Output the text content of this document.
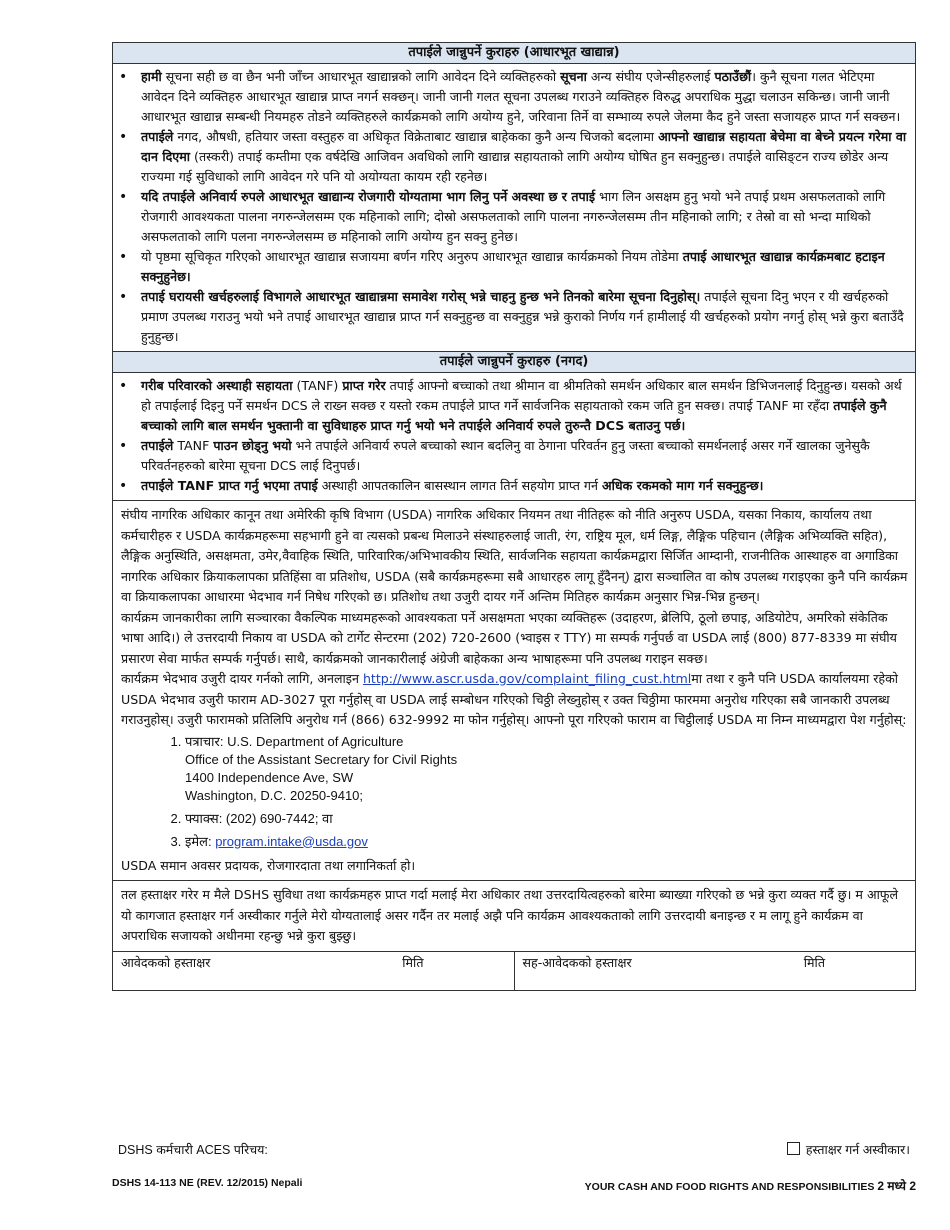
तपाईले जान्नुपर्ने कुराहरु (आधारभूत खाद्यान्न)
• हामी सूचना सही छ वा छैन भनी जाँच्न आधारभूत खाद्यान्नको लागि आवेदन दिने व्यक्तिहरुको सूचना अन्य संघीय एजेन्सीहरुलाई पठाउँछौं। कुनै सूचना गलत भेटिएमा आवेदन दिने व्यक्तिहरु आधारभूत खाद्यान्न प्राप्त नगर्न सक्छन्। जानी जानी गलत सूचना उपलब्ध गराउने व्यक्तिहरु विरुद्ध अपराधिक मुद्धा चलाउन सकिन्छ। जानी जानी आधारभूत खाद्यान्न सम्बन्धी नियमहरु तोडने व्यक्तिहरुले कार्यक्रमको लागि अयोग्य हुने, जरिवाना तिर्ने वा सम्भाव्य रुपले जेलमा कैद हुने जस्ता सजायहरु प्राप्त गर्न सक्छन।
• तपाईले नगद, औषधी, हतियार जस्ता वस्तुहरु वा अधिकृत विक्रेताबाट खाद्यान्न बाहेकका कुनै अन्य चिजको बदलामा आफ्नो खाद्यान्न सहायता बेचेमा वा बेच्ने प्रयत्न गरेमा वा दान दिएमा (तस्करी) तपाई कम्तीमा एक वर्षदेखि आजिवन अवधिको लागि खाद्यान्न सहायताको लागि अयोग्य घोषित हुन सक्नुहुन्छ। तपाईले वासिङ्टन राज्य छोडेर अन्य राज्यमा गई सुविधाको लागि आवेदन गरे पनि यो अयोग्यता कायम रही रहनेछ।
• यदि तपाईले अनिवार्य रुपले आधारभूत खाद्यान्य रोजगारी योग्यतामा भाग लिनु पर्ने अवस्था छ र तपाई भाग लिन असक्षम हुनु भयो भने तपाई प्रथम असफलताको लागि रोजगारी आवश्यकता पालना नगरुन्जेलसम्म एक महिनाको लागि; दोस्रो असफलताको लागि पालना नगरुन्जेलसम्म तीन महिनाको लागि; र तेस्रो वा सो भन्दा माथिको असफलताको लागि पलना नगरुन्जेलसम्म छ महिनाको लागि अयोग्य हुन सक्नु हुनेछ।
• यो पृष्ठमा सूचिकृत गरिएको आधारभूत खाद्यान्न सजायमा बर्णन गरिए अनुरुप आधारभूत खाद्यान्न कार्यक्रमको नियम तोडेमा तपाई आधारभूत खाद्यान्न कार्यक्रमबाट हटाइन सक्नुहुनेछ।
• तपाई घरायसी खर्चहरुलाई विभागले आधारभूत खाद्यान्नमा समावेश गरोस् भन्ने चाहनु हुन्छ भने तिनको बारेमा सूचना दिनुहोस्। तपाईले सूचना दिनु भएन र यी खर्चहरुको प्रमाण उपलब्ध गराउनु भयो भने तपाई आधारभूत खाद्यान्न प्राप्त गर्न सक्नुहुन्छ वा सक्नुहुन्न भन्ने कुराको निर्णय गर्न हामीलाई यी खर्चहरुको प्रयोग नगर्नु होस् भन्ने कुरा बताउँदै हुनुहुन्छ।
तपाईले जान्नुपर्ने कुराहरु (नगद)
• गरीब परिवारको अस्थाही सहायता (TANF) प्राप्त गरेर तपाई आफ्नो बच्चाको तथा श्रीमान वा श्रीमतिको समर्थन अधिकार बाल समर्थन डिभिजनलाई दिनुहुन्छ। यसको अर्थ हो तपाईलाई दिइनु पर्ने समर्थन DCS ले राख्न सक्छ र यस्तो रकम तपाईले प्राप्त गर्ने सार्वजनिक सहायताको रकम जति हुन सक्छ। तपाई TANF मा रहँदा तपाईले कुनै बच्चाको लागि बाल समर्थन भुक्तानी वा सुविधाहरु प्राप्त गर्नु भयो भने तपाईले अनिवार्य रुपले तुरुन्तै DCS बताउनु पर्छ।
• तपाईले TANF पाउन छोड्नु भयो भने तपाईले अनिवार्य रुपले बच्चाको स्थान बदलिनु वा ठेगाना परिवर्तन हुनु जस्ता बच्चाको समर्थनलाई असर गर्ने खालका जुनेसुकै परिवर्तनहरुको बारेमा सूचना DCS लाई दिनुपर्छ।
• तपाईले TANF प्राप्त गर्नु भएमा तपाई अस्थाही आपतकालिन बासस्थान लागत तिर्न सहयोग प्राप्त गर्न अधिक रकमको माग गर्न सक्नुहुन्छ।

संघीय नागरिक अधिकार कानून तथा अमेरिकी कृषि विभाग (USDA) नागरिक अधिकार नियमन तथा नीतिहरू को नीति अनुरुप USDA, यसका निकाय, कार्यालय तथा कर्मचारीहरु र USDA कार्यक्रमहरूमा सहभागी हुने वा त्यसको प्रबन्ध मिलाउने संस्थाहरुलाई जाती, रंग, राष्ट्रिय मूल, धर्म लिङ्ग, लैङ्गिक पहिचान (लैङ्गिक अभिव्यक्ति सहित), लैङ्गिक अनुस्थिति, असक्षमता, उमेर,वैवाहिक स्थिति, पारिवारिक/अभिभावकीय स्थिति, सार्वजनिक सहायता कार्यक्रमद्वारा सिर्जित आम्दानी, राजनीतिक आस्थाहरु वा अगाडिका नागरिक अधिकार क्रियाकलापका प्रतिहिंसा वा प्रतिशोध, USDA (सबै कार्यक्रमहरूमा सबै आधारहरु लागू हुँदैनन्) द्वारा सञ्चालित वा कोष उपलब्ध गराइएका कुनै पनि कार्यक्रम वा क्रियाकलापका आधारमा भेदभाव गर्न निषेध गरिएको छ। प्रतिशोध तथा उजुरी दायर गर्ने अन्तिम मितिहरु कार्यक्रम अनुसार भिन्न-भिन्न हुन्छन्।

कार्यक्रम जानकारीका लागि सञ्चारका वैकल्पिक माध्यमहरूको आवश्यकता पर्ने असक्षमता भएका व्यक्तिहरू (उदाहरण, ब्रेलिपि, ठूलो छपाइ, अडियोटेप, अमरिको संकेतिक भाषा आदि।) ले उत्तरदायी निकाय वा USDA को टार्गेट सेन्टरमा (202) 720-2600 (भ्वाइस र TTY) मा सम्पर्क गर्नुपर्छ वा USDA लाई (800) 877-8339 मा संघीय प्रसारण सेवा मार्फत सम्पर्क गर्नुपर्छ। साथै, कार्यक्रमको जानकारीलाई अंग्रेजी बाहेकका अन्य भाषाहरूमा पनि उपलब्ध गराइन सक्छ।

कार्यक्रम भेदभाव उजुरी दायर गर्नको लागि, अनलाइन http://www.ascr.usda.gov/complaint_filing_cust.htmlमा तथा र कुनै पनि USDA कार्यालयमा रहेको USDA भेदभाव उजुरी फाराम AD-3027 पूरा गर्नुहोस् वा USDA लाई सम्बोधन गरिएको चिठ्ठी लेख्नुहोस् र उक्त चिठ्ठीमा फारममा अनुरोध गरिएका सबै जानकारी उपलब्ध गराउनुहोस्। उजुरी फारामको प्रतिलिपि अनुरोध गर्न (866) 632-9992 मा फोन गर्नुहोस्। आफ्नो पूरा गरिएको फाराम वा चिट्ठीलाई USDA मा निम्न माध्यमद्वारा पेश गर्नुहोस्:

1. पत्राचार: U.S. Department of Agriculture
Office of the Assistant Secretary for Civil Rights
1400 Independence Ave, SW
Washington, D.C. 20250-9410;
2. फ्याक्स: (202) 690-7442; वा
3. इमेल: program.intake@usda.gov

USDA समान अवसर प्रदायक, रोजगारदाता तथा लगानिकर्ता हो।

तल हस्ताक्षर गरेर म मैले DSHS सुविधा तथा कार्यक्रमहरु प्राप्त गर्दा मलाई मेरा अधिकार तथा उत्तरदायित्वहरुको बारेमा ब्याख्या गरिएको छ भन्ने कुरा व्यक्त गर्दै छु। म आफूले यो कागजात हस्ताक्षर गर्न अस्वीकार गर्नुले मेरो योग्यतालाई असर गर्दैन तर मलाई अझै पनि कार्यक्रम आवश्यकताको लागि उत्तरदायी बनाइन्छ र म लागू हुने कार्यक्रम वा अपराधिक सजायको अधीनमा रहन्छु भन्ने कुरा बुझ्छु।
आवेदकको हस्ताक्षर	मिति	सह-आवेदकको हस्ताक्षर	मिति
DSHS कर्मचारी ACES परिचय:	हस्ताक्षर गर्न अस्वीकार।
DSHS 14-113 NE (REV. 12/2015) Nepali	YOUR CASH AND FOOD RIGHTS AND RESPONSIBILITIES 2 मध्ये 2
